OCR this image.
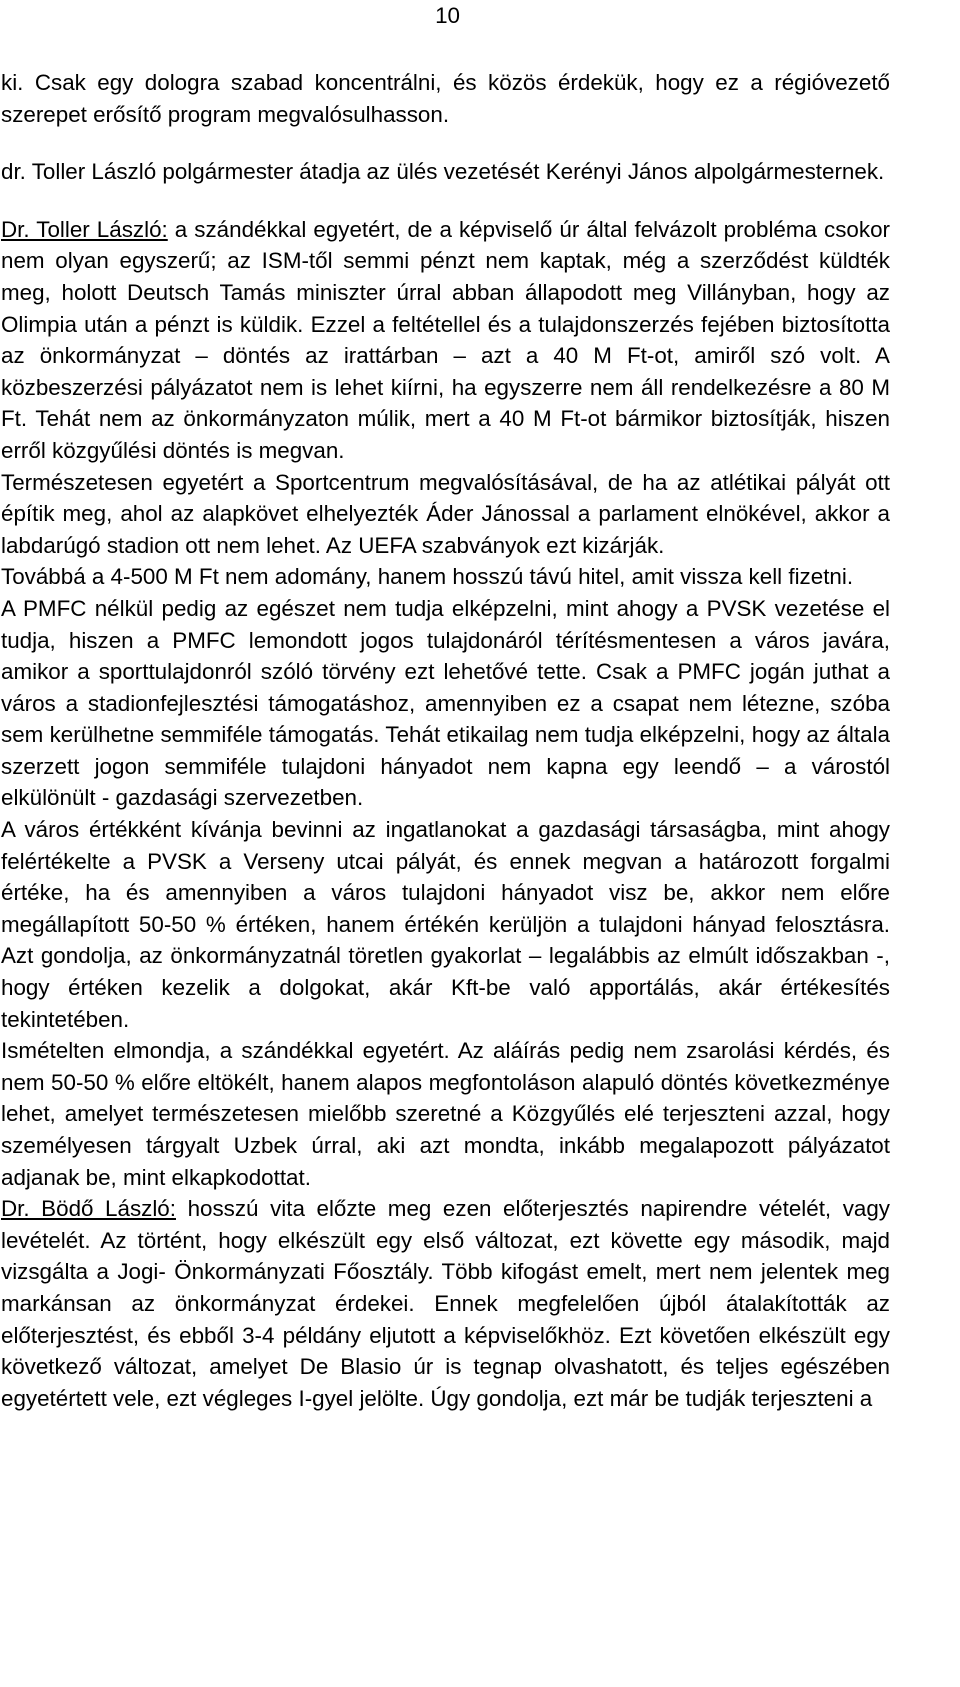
10

ki. Csak egy dologra szabad koncentrálni, és közös érdekük, hogy ez a régióvezető szerepet erősítő program megvalósulhasson.

dr. Toller László polgármester átadja az ülés vezetését Kerényi János alpolgármesternek.

Dr. Toller László: a szándékkal egyetért, de a képviselő úr által felvázolt probléma csokor nem olyan egyszerű; az ISM-től semmi pénzt nem kaptak, még a szerződést küldték meg, holott Deutsch Tamás miniszter úrral abban állapodott meg Villányban, hogy az Olimpia után a pénzt is küldik. Ezzel a feltétellel és a tulajdonszerzés fejében biztosította az önkormányzat – döntés az irattárban – azt a 40 M Ft-ot, amiről szó volt. A közbeszerzési pályázatot nem is lehet kiírni, ha egyszerre nem áll rendelkezésre a 80 M Ft. Tehát nem az önkormányzaton múlik, mert a 40 M Ft-ot bármikor biztosítják, hiszen erről közgyűlési döntés is megvan.

Természetesen egyetért a Sportcentrum megvalósításával, de ha az atlétikai pályát ott építik meg, ahol az alapkövet elhelyezték Áder Jánossal a parlament elnökével, akkor a labdarúgó stadion ott nem lehet. Az UEFA szabványok ezt kizárják.

Továbbá a 4-500 M Ft nem adomány, hanem hosszú távú hitel, amit vissza kell fizetni.

A PMFC nélkül pedig az egészet nem tudja elképzelni, mint ahogy a PVSK vezetése el tudja, hiszen a PMFC lemondott jogos tulajdonáról térítésmentesen a város javára, amikor a sporttulajdonról szóló törvény ezt lehetővé tette. Csak a PMFC jogán juthat a város a stadionfejlesztési támogatáshoz, amennyiben ez a csapat nem létezne, szóba sem kerülhetne semmiféle támogatás. Tehát etikailag nem tudja elképzelni, hogy az általa szerzett jogon semmiféle tulajdoni hányadot nem kapna egy leendő – a várostól elkülönült - gazdasági szervezetben.

A város értékként kívánja bevinni az ingatlanokat a gazdasági társaságba, mint ahogy felértékelte a PVSK a Verseny utcai pályát, és ennek megvan a határozott forgalmi értéke, ha és amennyiben a város tulajdoni hányadot visz be, akkor nem előre megállapított 50-50 % értéken, hanem értékén kerüljön a tulajdoni hányad felosztásra. Azt gondolja, az önkormányzatnál töretlen gyakorlat – legalábbis az elmúlt időszakban -, hogy értéken kezelik a dolgokat, akár Kft-be való apportálás, akár értékesítés tekintetében.

Ismételten elmondja, a szándékkal egyetért. Az aláírás pedig nem zsarolási kérdés, és nem 50-50 % előre eltökélt, hanem alapos megfontoláson alapuló döntés következménye lehet, amelyet természetesen mielőbb szeretné a Közgyűlés elé terjeszteni azzal, hogy személyesen tárgyalt Uzbek úrral, aki azt mondta, inkább megalapozott pályázatot adjanak be, mint elkapkodottat.

Dr. Bödő László: hosszú vita előzte meg ezen előterjesztés napirendre vételét, vagy levételét. Az történt, hogy elkészült egy első változat, ezt követte egy második, majd vizsgálta a Jogi- Önkormányzati Főosztály. Több kifogást emelt, mert nem jelentek meg markánsan az önkormányzat érdekei. Ennek megfelelően újból átalakították az előterjesztést, és ebből 3-4 példány eljutott a képviselőkhöz. Ezt követően elkészült egy következő változat, amelyet De Blasio úr is tegnap olvashatott, és teljes egészében egyetértett vele, ezt végleges I-gyel jelölte. Úgy gondolja, ezt már be tudják terjeszteni a
